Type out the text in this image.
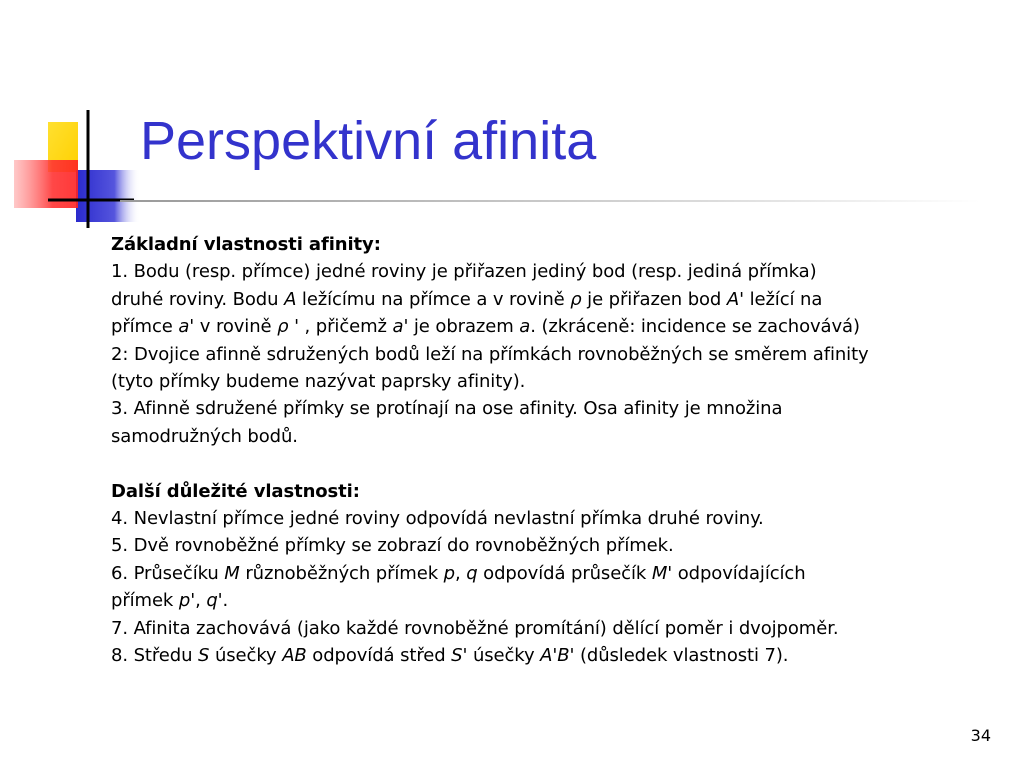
Perspektivní afinita
Základní vlastnosti afinity:
1. Bodu (resp. přímce) jedné roviny je přiřazen jediný bod (resp. jediná přímka)
druhé roviny. Bodu A ležícímu na přímce a v rovině ρ je přiřazen bod A' ležící na
přímce a' v rovině ρ ' , přičemž a' je obrazem a. (zkráceně: incidence se zachovává)
2: Dvojice afinně sdružených bodů leží na přímkách rovnoběžných se směrem afinity
(tyto přímky budeme nazývat paprsky afinity).
3. Afinně sdružené přímky se protínají na ose afinity. Osa afinity je množina
samodružných bodů.
Další důležité vlastnosti:
4. Nevlastní přímce jedné roviny odpovídá nevlastní přímka druhé roviny.
5. Dvě rovnoběžné přímky se zobrazí do rovnoběžných přímek.
6. Průsečíku M různoběžných přímek p, q odpovídá průsečík M' odpovídajících
přímek p', q'.
7. Afinita zachovává (jako každé rovnoběžné promítání) dělící poměr i dvojpoměr.
8. Středu S úsečky AB odpovídá střed S' úsečky A'B' (důsledek vlastnosti 7).
34
